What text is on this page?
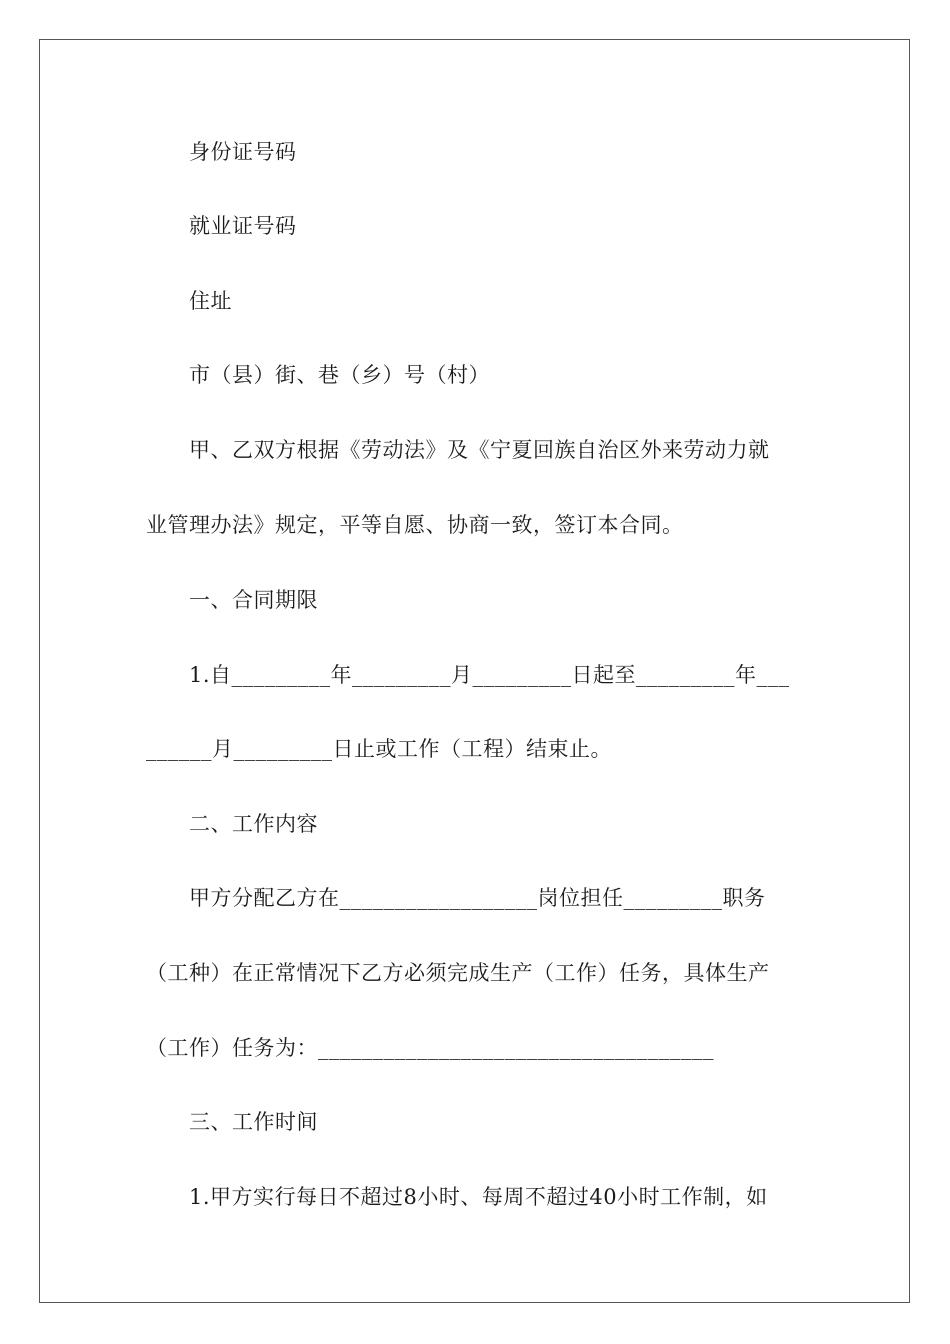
身份证号码
就业证号码
住址
市（县）街、巷（乡）号（村）
甲、乙双方根据《劳动法》及《宁夏回族自治区外来劳动力就
业管理办法》规定，平等自愿、协商一致，签订本合同。
一、合同期限
1.自_________年_________月_________日起至_________年___
______月_________日止或工作（工程）结束止。
二、工作内容
甲方分配乙方在__________________岗位担任_________职务
（工种）在正常情况下乙方必须完成生产（工作）任务，具体生产
（工作）任务为：____________________________________
三、工作时间
1.甲方实行每日不超过8小时、每周不超过40小时工作制，如
